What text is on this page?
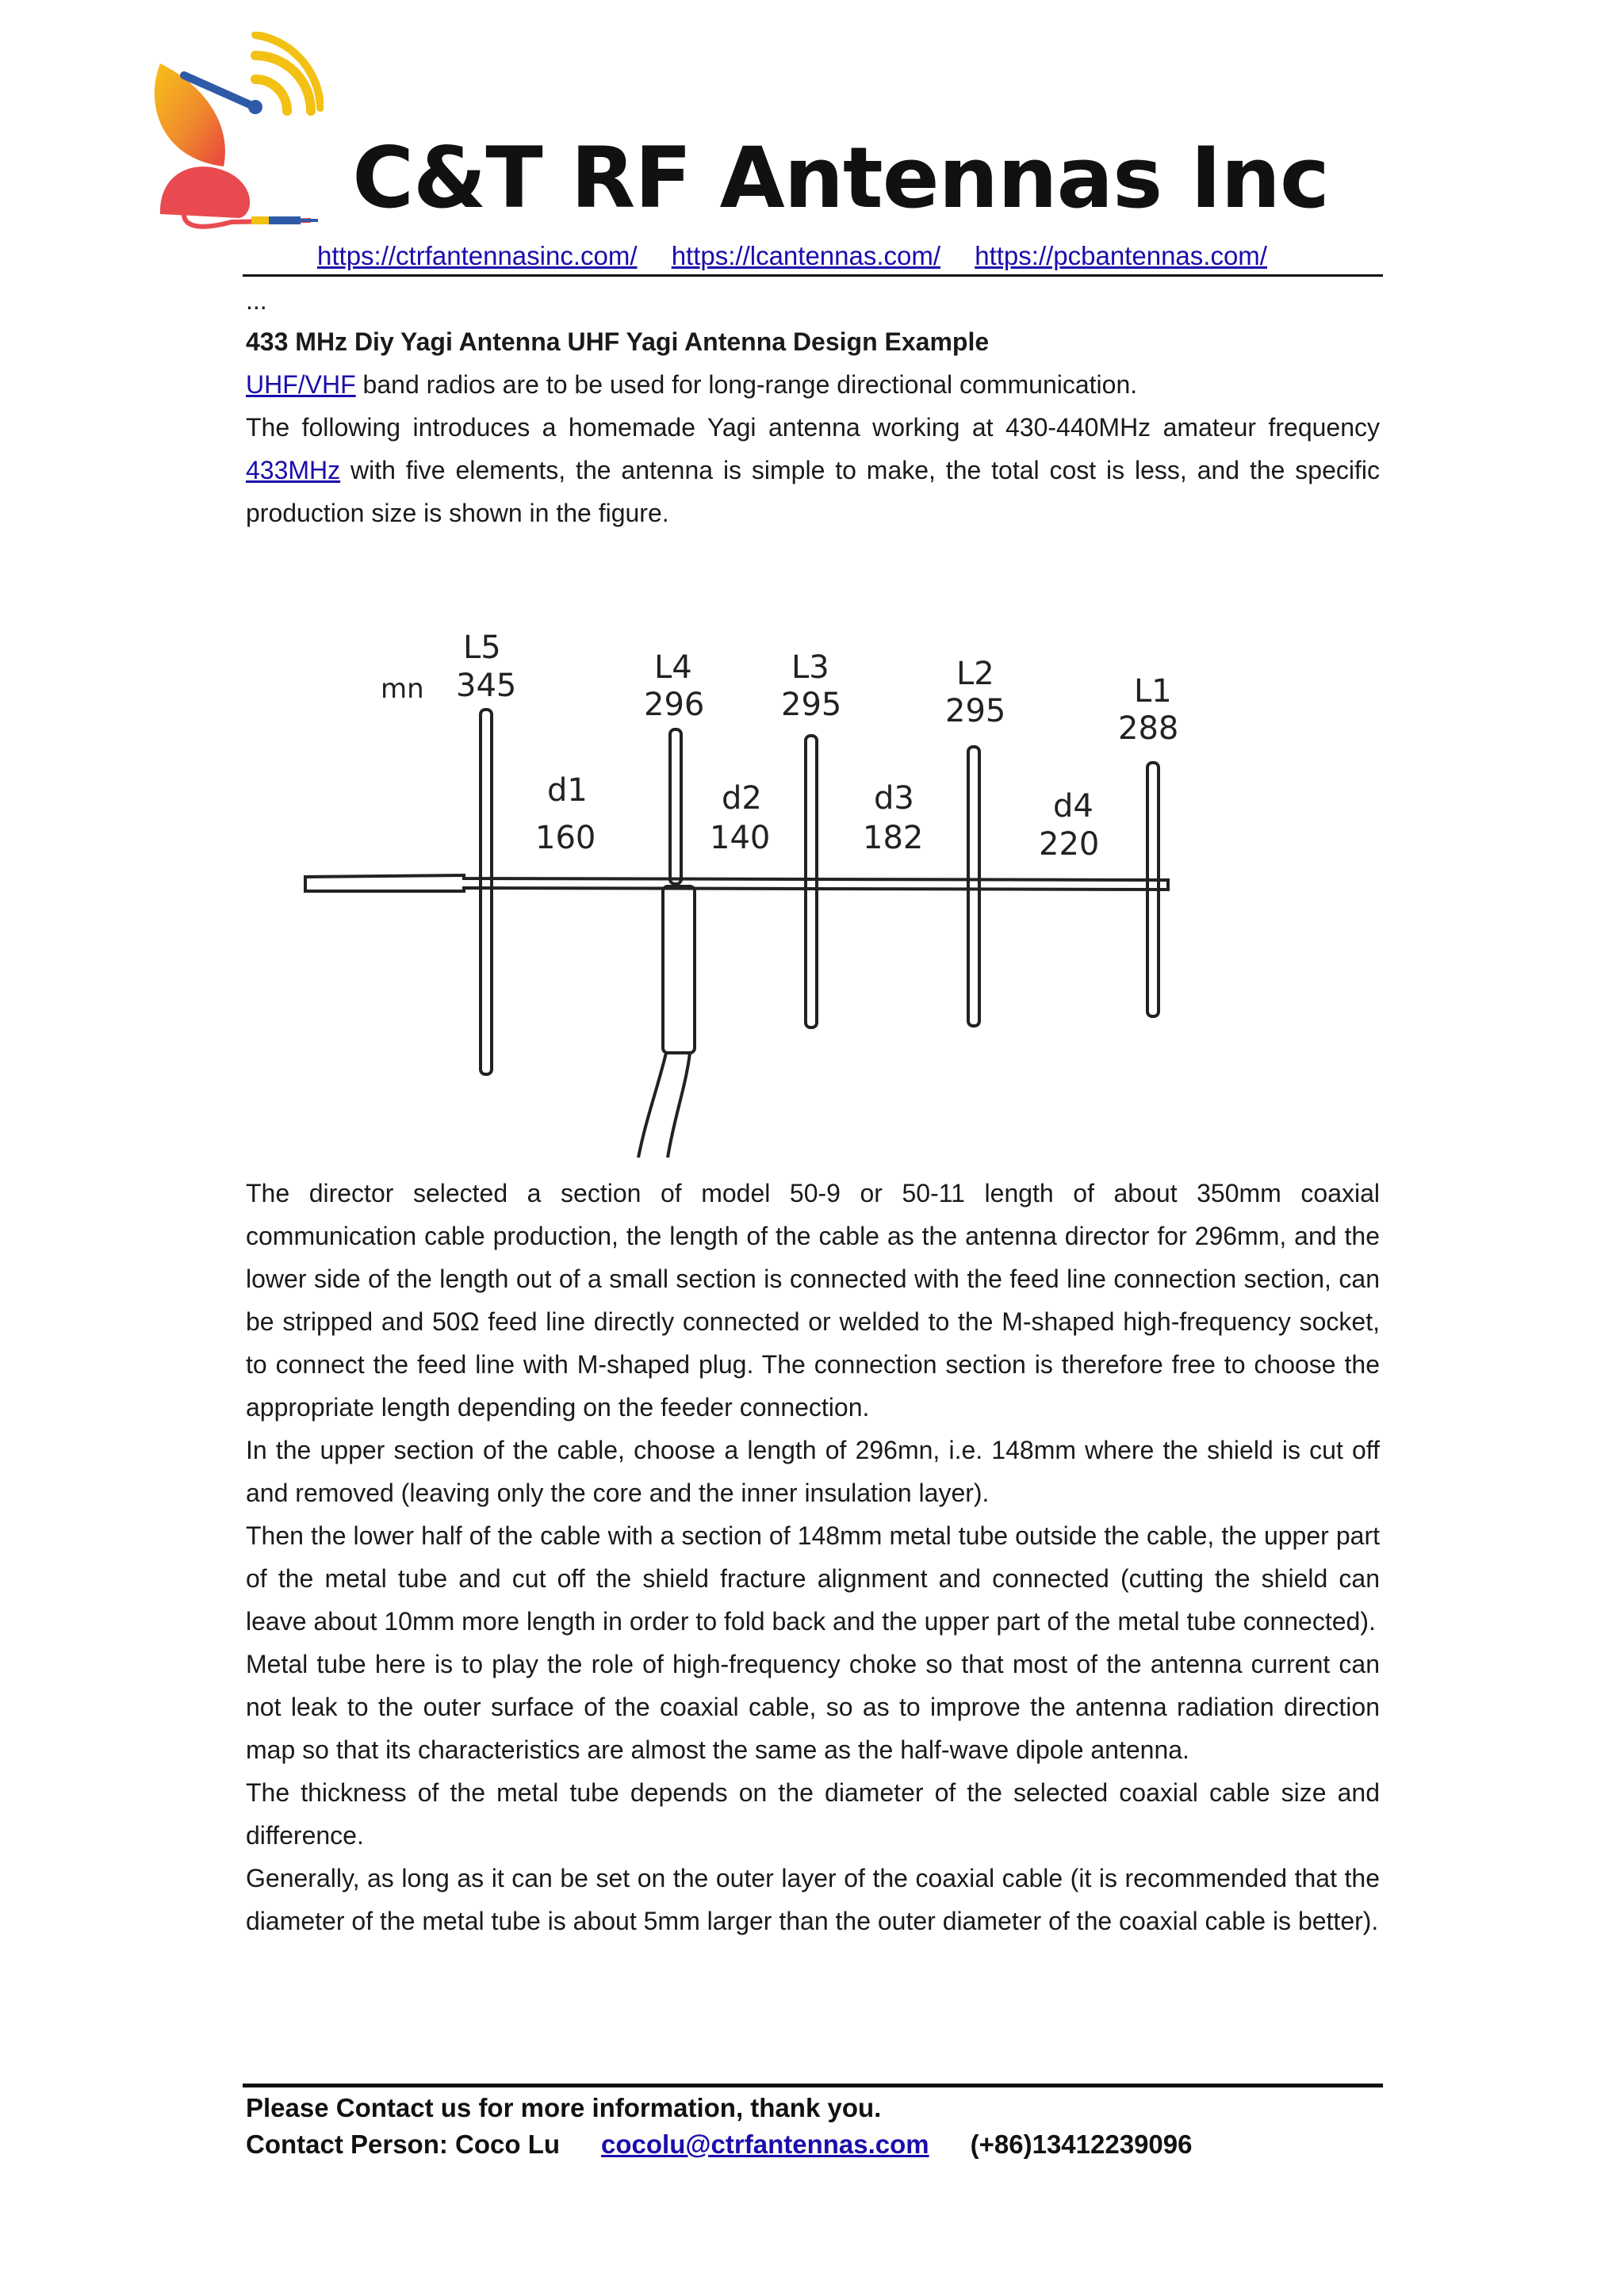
C&T RF Antennas Inc
https://ctrfantennasinc.com/ https://lcantennas.com/ https://pcbantennas.com/
...
433 MHz Diy Yagi Antenna UHF Yagi Antenna Design Example

UHF/VHF band radios are to be used for long-range directional communication.

The following introduces a homemade Yagi antenna working at 430-440MHz amateur frequency 433MHz with five elements, the antenna is simple to make, the total cost is less, and the specific production size is shown in the figure.

mn
L5
345	L4
296
L3
295
L2
295
L1
288
d1
160
d2
140
d3
182
d4
220

The director selected a section of model 50-9 or 50-11 length of about 350mm coaxial communication cable production, the length of the cable as the antenna director for 296mm, and the lower side of the length out of a small section is connected with the feed line connection section, can be stripped and 50Ω feed line directly connected or welded to the M-shaped high-frequency socket, to connect the feed line with M-shaped plug. The connection section is therefore free to choose the appropriate length depending on the feeder connection.

In the upper section of the cable, choose a length of 296mn, i.e. 148mm where the shield is cut off and removed (leaving only the core and the inner insulation layer).

Then the lower half of the cable with a section of 148mm metal tube outside the cable, the upper part of the metal tube and cut off the shield fracture alignment and connected (cutting the shield can leave about 10mm more length in order to fold back and the upper part of the metal tube connected).

Metal tube here is to play the role of high-frequency choke so that most of the antenna current can not leak to the outer surface of the coaxial cable, so as to improve the antenna radiation direction map so that its characteristics are almost the same as the half-wave dipole antenna.

The thickness of the metal tube depends on the diameter of the selected coaxial cable size and difference.

Generally, as long as it can be set on the outer layer of the coaxial cable (it is recommended that the diameter of the metal tube is about 5mm larger than the outer diameter of the coaxial cable is better).

Please Contact us for more information, thank you.
Contact Person: Coco Lu cocolu@ctrfantennas.com (+86)13412239096
